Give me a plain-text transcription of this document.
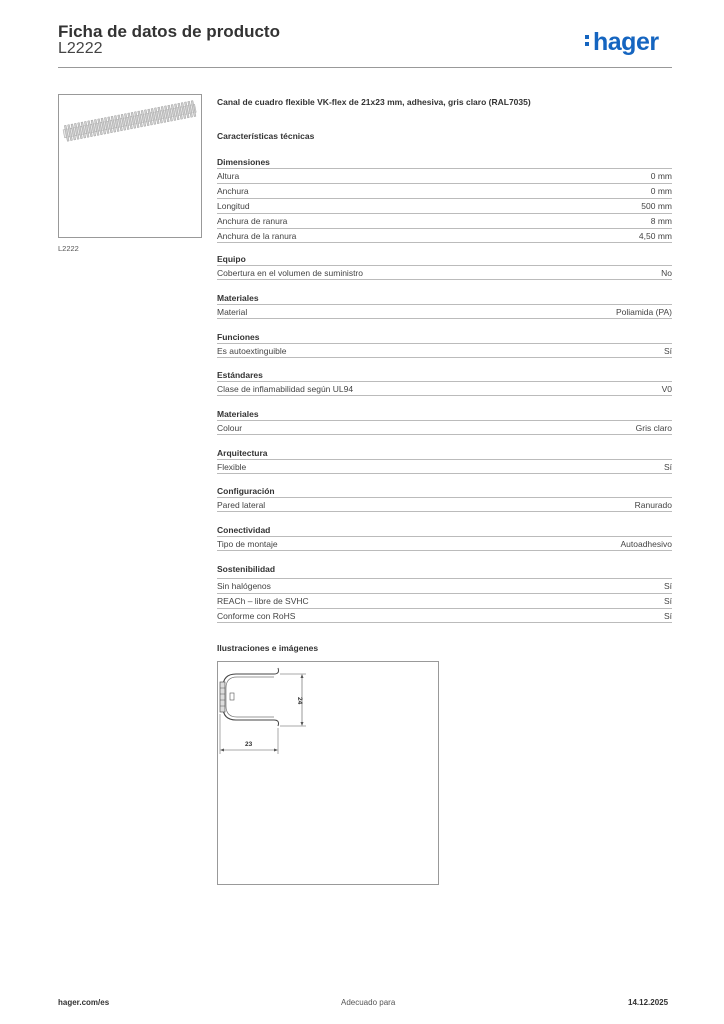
Ficha de datos de producto
L2222	hager
L2222
Canal de cuadro flexible VK-flex de 21x23 mm, adhesiva, gris claro (RAL7035)
Características técnicas
Dimensiones
Altura	0 mm
Anchura	0 mm
Longitud	500 mm
Anchura de ranura	8 mm
Anchura de la ranura	4,50 mm
Equipo
Cobertura en el volumen de suministro	No
Materiales
Material	Poliamida (PA)
Funciones
Es autoextinguible	Sí
Estándares
Clase de inflamabilidad según UL94	V0
Materiales
Colour	Gris claro
Arquitectura
Flexible	Sí
Configuración
Pared lateral	Ranurado
Conectividad
Tipo de montaje	Autoadhesivo
Sostenibilidad
Sin halógenos	Sí
REACh – libre de SVHC	Sí
Conforme con RoHS	Sí
Ilustraciones e imágenes
24
23
hager.com/es	Adecuado para	14.12.2025
